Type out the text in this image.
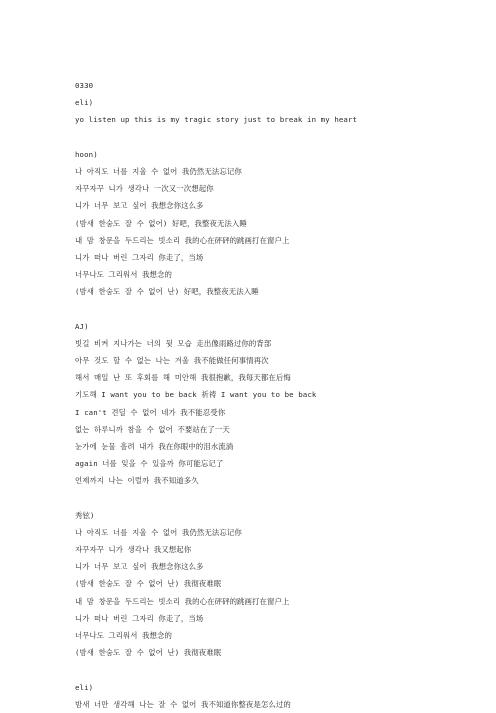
0330
eli)
yo listen up this is my tragic story just to break in my heart
hoon)
나 아직도 너를 지울 수 없어 我仍然无法忘记你
자꾸자꾸 니가 생각나 一次又一次想起你
니가 너무 보고 싶어 我想念你这么多
(밤새 한숨도 잘 수 없어) 好吧，我整夜无法入睡
내 맘 창문을 두드리는 빗소리 我的心在砰砰的跳画打在窗户上
니가 떠나 버린 그자리 你走了，当场
너무나도 그리워서 我想念的
(밤새 한숨도 잘 수 없어 난) 好吧，我整夜无法入睡
AJ)
빗길 비켜 지나가는 너의 뒷 모습 走出像雨路过你的背部
아무 것도 할 수 없는 나는 겨울 我不能做任何事情再次
해서 매일 난 또 후회를 해 미안해 我很抱歉，我每天都在后悔
기도해 I want you to be back 祈祷 I want you to be back
I can't 견딜 수 없어 네가 我不能忍受你
없는 하루니까 참을 수 없어 不要站在了一天
눈가에 눈물 흘려 내가 我在你眼中的泪水流淌
again 너를 잊을 수 있을까 你可能忘记了
언제까지 나는 이럴까 我不知道多久
秀铉)
나 아직도 너를 지울 수 없어 我仍然无法忘记你
자꾸자꾸 니가 생각나 我又想起你
니가 너무 보고 싶어 我想念你这么多
(밤새 한숨도 잘 수 없어 난) 我彻夜难眠
내 맘 창문을 두드리는 빗소리 我的心在砰砰的跳画打在窗户上
니가 떠나 버린 그자리 你走了，当场
너무나도 그리워서 我想念的
(밤새 한숨도 잘 수 없어 난) 我彻夜难眠
eli)
밤새 너만 생각해 나는 잘 수 없어 我不知道你整夜是怎么过的
